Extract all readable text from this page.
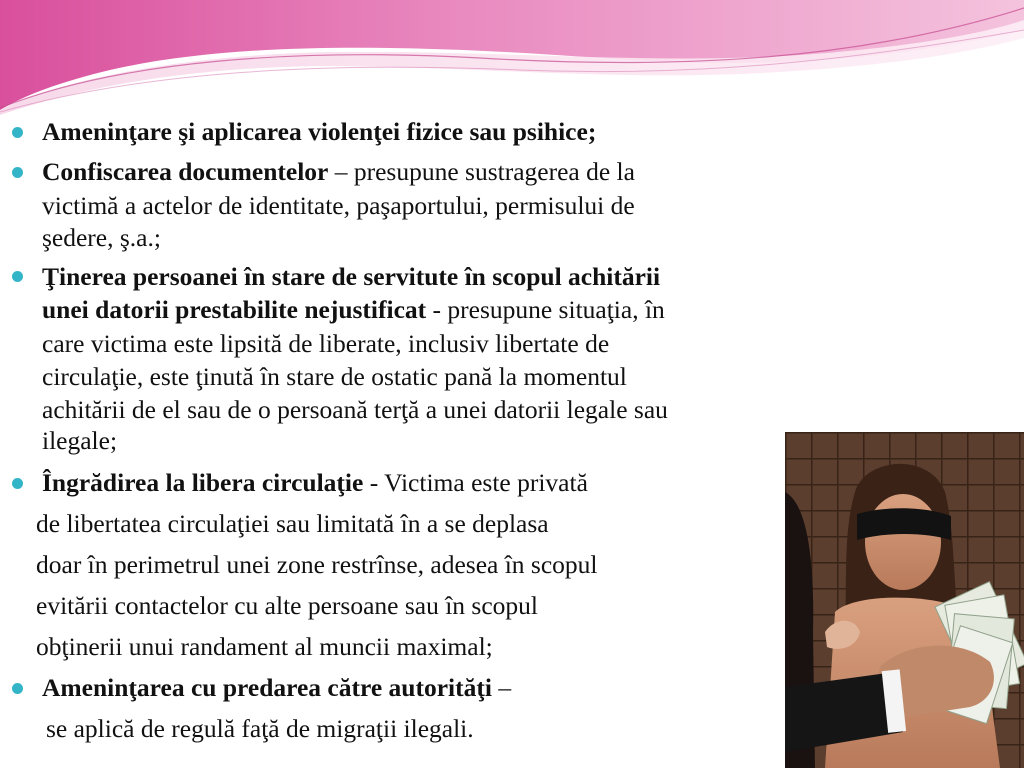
Ameninţare şi aplicarea violenţei fizice sau psihice;
Confiscarea documentelor – presupune sustragerea de la
victimă a actelor de identitate, paşaportului, permisului de
şedere, ş.a.;
Ţinerea persoanei în stare de servitute în scopul achitării
unei datorii prestabilite nejustificat - presupune situaţia, în
care victima este lipsită de liberate, inclusiv libertate de
circulaţie, este ţinută în stare de ostatic pană la momentul
achitării de el sau de o persoană terţă a unei datorii legale sau
ilegale;
Îngrădirea la libera circulaţie - Victima este privată
de libertatea circulaţiei sau limitată în a se deplasa
doar în perimetrul unei zone restrînse, adesea în scopul
evitării contactelor cu alte persoane sau în scopul
obţinerii unui randament al muncii maximal;
Ameninţarea cu predarea către autorităţi –
se aplică de regulă faţă de migraţii ilegali.
